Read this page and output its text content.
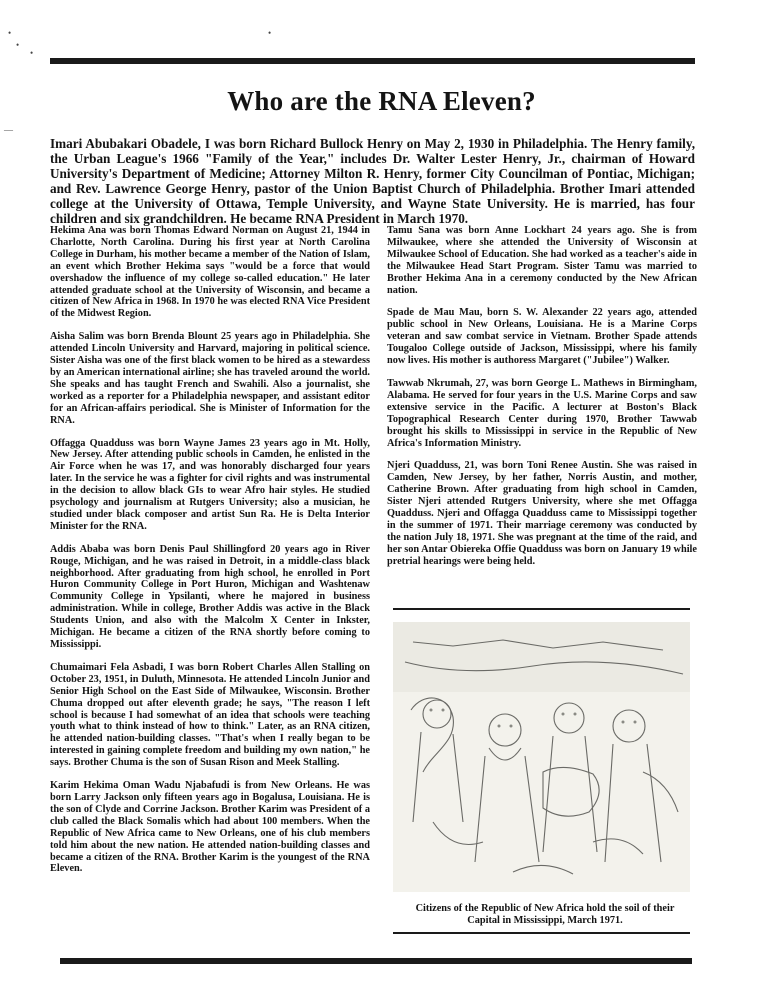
•
•
•
•
—
Who are the RNA Eleven?

Imari Abubakari Obadele, I was born Richard Bullock Henry on May 2, 1930 in Philadelphia. The Henry family, the Urban League's 1966 "Family of the Year," includes Dr. Walter Lester Henry, Jr., chairman of Howard University's Department of Medicine; Attorney Milton R. Henry, former City Councilman of Pontiac, Michigan; and Rev. Lawrence George Henry, pastor of the Union Baptist Church of Philadelphia. Brother Imari attended college at the University of Ottawa, Temple University, and Wayne State University. He is married, has four children and six grandchildren. He became RNA President in March 1970.

Hekima Ana was born Thomas Edward Norman on August 21, 1944 in Charlotte, North Carolina. During his first year at North Carolina College in Durham, his mother became a member of the Nation of Islam, an event which Brother Hekima says "would be a force that would overshadow the influence of my college so-called education." He later attended graduate school at the University of Wisconsin, and became a citizen of New Africa in 1968. In 1970 he was elected RNA Vice President of the Midwest Region.

Aisha Salim was born Brenda Blount 25 years ago in Philadelphia. She attended Lincoln University and Harvard, majoring in political science. Sister Aisha was one of the first black women to be hired as a stewardess by an American international airline; she has traveled around the world. She speaks and has taught French and Swahili. Also a journalist, she worked as a reporter for a Philadelphia newspaper, and assistant editor for an African-affairs periodical. She is Minister of Information for the RNA.

Offagga Quadduss was born Wayne James 23 years ago in Mt. Holly, New Jersey. After attending public schools in Camden, he enlisted in the Air Force when he was 17, and was honorably discharged four years later. In the service he was a fighter for civil rights and was instrumental in the decision to allow black GIs to wear Afro hair styles. He studied psychology and journalism at Rutgers University; also a musician, he studied under black composer and artist Sun Ra. He is Delta Interior Minister for the RNA.

Addis Ababa was born Denis Paul Shillingford 20 years ago in River Rouge, Michigan, and he was raised in Detroit, in a middle-class black neighborhood. After graduating from high school, he enrolled in Port Huron Community College in Port Huron, Michigan and Washtenaw Community College in Ypsilanti, where he majored in business administration. While in college, Brother Addis was active in the Black Students Union, and also with the Malcolm X Center in Inkster, Michigan. He became a citizen of the RNA shortly before coming to Mississippi.

Chumaimari Fela Asbadi, I was born Robert Charles Allen Stalling on October 23, 1951, in Duluth, Minnesota. He attended Lincoln Junior and Senior High School on the East Side of Milwaukee, Wisconsin. Brother Chuma dropped out after eleventh grade; he says, "The reason I left school is because I had somewhat of an idea that schools were teaching youth what to think instead of how to think." Later, as an RNA citizen, he attended nation-building classes. "That's when I really began to be interested in gaining complete freedom and building my own nation," he says. Brother Chuma is the son of Susan Rison and Meek Stalling.

Karim Hekima Oman Wadu Njabafudi is from New Orleans. He was born Larry Jackson only fifteen years ago in Bogalusa, Louisiana. He is the son of Clyde and Corrine Jackson. Brother Karim was President of a club called the Black Somalis which had about 100 members. When the Republic of New Africa came to New Orleans, one of his club members told him about the new nation. He attended nation-building classes and became a citizen of the RNA. Brother Karim is the youngest of the RNA Eleven.

Tamu Sana was born Anne Lockhart 24 years ago. She is from Milwaukee, where she attended the University of Wisconsin at Milwaukee School of Education. She had worked as a teacher's aide in the Milwaukee Head Start Program. Sister Tamu was married to Brother Hekima Ana in a ceremony conducted by the New African nation.

Spade de Mau Mau, born S. W. Alexander 22 years ago, attended public school in New Orleans, Louisiana. He is a Marine Corps veteran and saw combat service in Vietnam. Brother Spade attends Tougaloo College outside of Jackson, Mississippi, where his family now lives. His mother is authoress Margaret ("Jubilee") Walker.

Tawwab Nkrumah, 27, was born George L. Mathews in Birmingham, Alabama. He served for four years in the U.S. Marine Corps and saw extensive service in the Pacific. A lecturer at Boston's Black Topographical Research Center during 1970, Brother Tawwab brought his skills to Mississippi in service in the Republic of New Africa's Information Ministry.

Njeri Quadduss, 21, was born Toni Renee Austin. She was raised in Camden, New Jersey, by her father, Norris Austin, and mother, Catherine Brown. After graduating from high school in Camden, Sister Njeri attended Rutgers University, where she met Offagga Quadduss. Njeri and Offagga Quadduss came to Mississippi together in the summer of 1971. Their marriage ceremony was conducted by the nation July 18, 1971. She was pregnant at the time of the raid, and her son Antar Obiereka Offie Quadduss was born on January 19 while pretrial hearings were being held.

Citizens of the Republic of New Africa hold the soil of their Capital in Mississippi, March 1971.
